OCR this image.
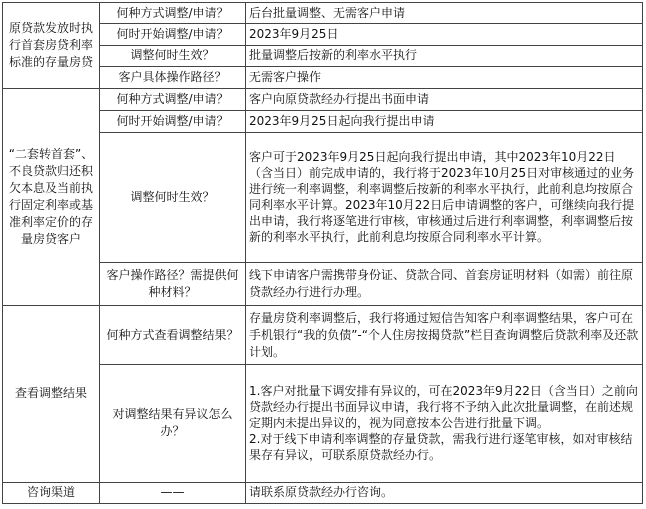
原贷款发放时执行首套房贷利率标准的存量房贷	何种方式调整/申请？	后台批量调整、无需客户申请
	何时开始调整/申请？	2023年9月25日
	调整何时生效？	批量调整后按新的利率水平执行
	客户具体操作路径？	无需客户操作
“二套转首套”、不良贷款归还积欠本息及当前执行固定利率或基准利率定价的存量房贷客户	何种方式调整/申请？	客户向原贷款经办行提出书面申请
	何时开始调整/申请？	2023年9月25日起向我行提出申请
	调整何时生效？	客户可于2023年9月25日起向我行提出申请，其中2023年10月22日（含当日）前完成申请的，我行将于2023年10月25日对审核通过的业务进行统一利率调整，利率调整后按新的利率水平执行，此前利息均按原合同利率水平计算。2023年10月22日后申请调整的客户，可继续向我行提出申请，我行将逐笔进行审核，审核通过后进行利率调整，利率调整后按新的利率水平执行，此前利息均按原合同利率水平计算。
	客户操作路径？需提供何种材料？	线下申请客户需携带身份证、贷款合同、首套房证明材料（如需）前往原贷款经办行进行办理。
查看调整结果	何种方式查看调整结果？	存量房贷利率调整后，我行将通过短信告知客户利率调整结果，客户可在手机银行“我的负债”-“个人住房按揭贷款”栏目查询调整后贷款利率及还款计划。
	对调整结果有异议怎么办？	1.客户对批量下调安排有异议的，可在2023年9月22日（含当日）之前向贷款经办行提出书面异议申请，我行将不予纳入此次批量调整，在前述规定期内未提出异议的，视为同意按本公告进行批量下调。
2.对于线下申请利率调整的存量贷款，需我行进行逐笔审核，如对审核结果存有异议，可联系原贷款经办行。

咨询渠道	——	请联系原贷款经办行咨询。
